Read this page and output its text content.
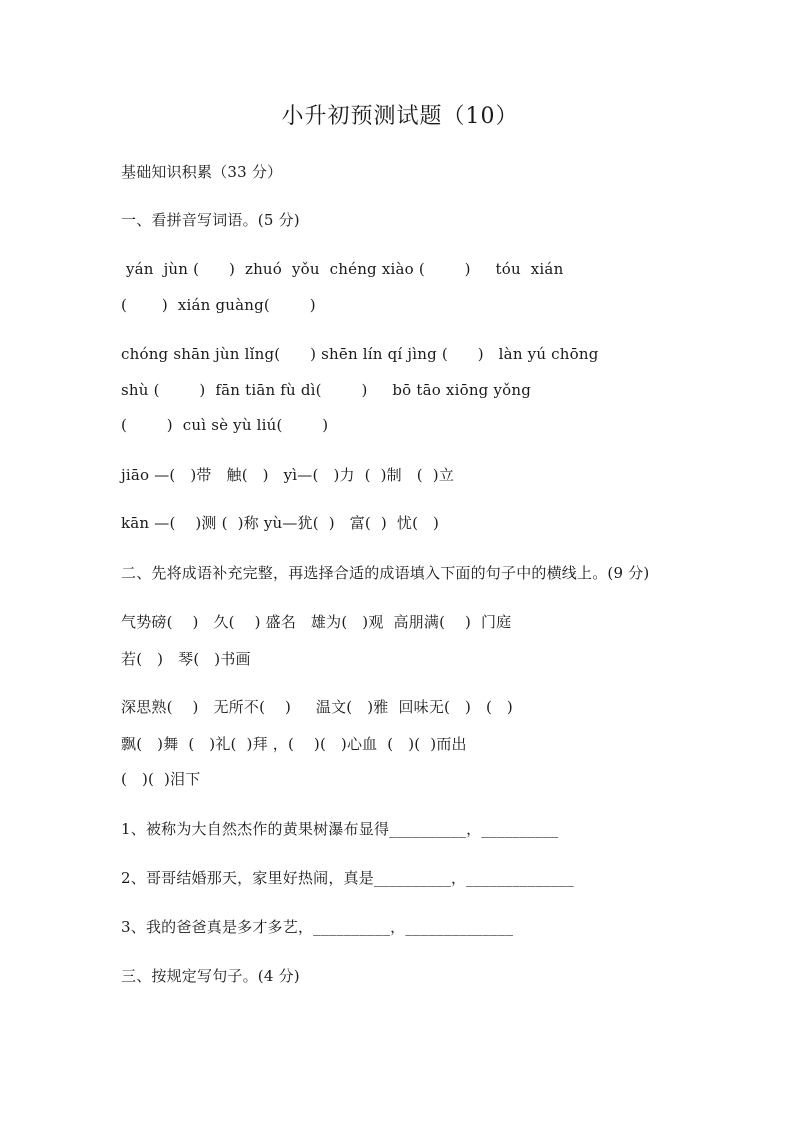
小升初预测试题（10）
基础知识积累（33 分）
一、看拼音写词语。(5 分)
yán  jùn (      )  zhuó  yǒu  chéng xiào (        )     tóu  xián
(       )  xián guàng(        )
chóng shān jùn lǐng(      ) shēn lín qí jìng (      )   làn yú chōng
shù (        )  fān tiān fù dì(        )     bō tāo xiōng yǒng
(        )  cuì sè yù liú(        )
jiāo —(   )带   触(   )   yì—(   )力  (  )制   (  )立
kān —(    )测 (  )称 yù—犹(  )   富(  )  忧(   )
二、先将成语补充完整，再选择合适的成语填入下面的句子中的横线上。(9 分)
气势磅(    )   久(    ) 盛名   雄为(   )观  高朋满(    )  门庭
若(   )   琴(   )书画
深思熟(    )   无所不(    )     温文(   )雅  回味无(   )   (   )
飘(   )舞  (   )礼(  )拜 ，(    )(   )心血  (   )(  )而出
(   )(  )泪下
1、被称为大自然杰作的黄果树瀑布显得__________，__________
2、哥哥结婚那天，家里好热闹，真是__________，______________
3、我的爸爸真是多才多艺，__________，______________
三、按规定写句子。(4 分)
